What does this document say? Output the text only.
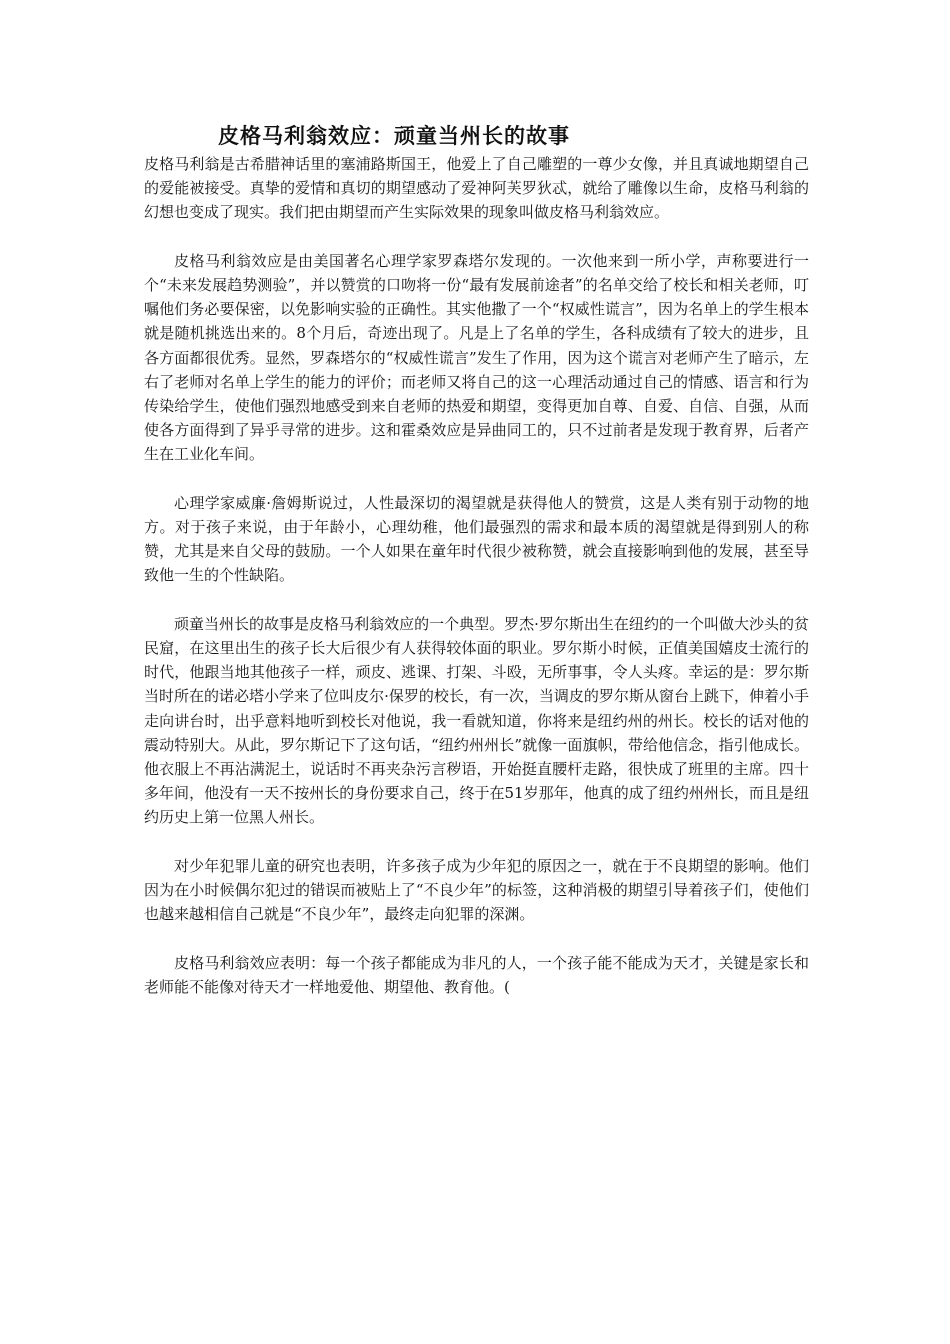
皮格马利翁效应：顽童当州长的故事

皮格马利翁是古希腊神话里的塞浦路斯国王，他爱上了自己雕塑的一尊少女像，并且真诚地期望自己的爱能被接受。真挚的爱情和真切的期望感动了爱神阿芙罗狄忒，就给了雕像以生命，皮格马利翁的幻想也变成了现实。我们把由期望而产生实际效果的现象叫做皮格马利翁效应。

皮格马利翁效应是由美国著名心理学家罗森塔尔发现的。一次他来到一所小学，声称要进行一个“未来发展趋势测验”，并以赞赏的口吻将一份“最有发展前途者”的名单交给了校长和相关老师，叮嘱他们务必要保密，以免影响实验的正确性。其实他撒了一个“权威性谎言”，因为名单上的学生根本就是随机挑选出来的。8个月后，奇迹出现了。凡是上了名单的学生，各科成绩有了较大的进步，且各方面都很优秀。显然，罗森塔尔的“权威性谎言”发生了作用，因为这个谎言对老师产生了暗示，左右了老师对名单上学生的能力的评价；而老师又将自己的这一心理活动通过自己的情感、语言和行为传染给学生，使他们强烈地感受到来自老师的热爱和期望，变得更加自尊、自爱、自信、自强，从而使各方面得到了异乎寻常的进步。这和霍桑效应是异曲同工的，只不过前者是发现于教育界，后者产生在工业化车间。

心理学家威廉·詹姆斯说过，人性最深切的渴望就是获得他人的赞赏，这是人类有别于动物的地方。对于孩子来说，由于年龄小，心理幼稚，他们最强烈的需求和最本质的渴望就是得到别人的称赞，尤其是来自父母的鼓励。一个人如果在童年时代很少被称赞，就会直接影响到他的发展，甚至导致他一生的个性缺陷。

顽童当州长的故事是皮格马利翁效应的一个典型。罗杰·罗尔斯出生在纽约的一个叫做大沙头的贫民窟，在这里出生的孩子长大后很少有人获得较体面的职业。罗尔斯小时候，正值美国嬉皮士流行的时代，他跟当地其他孩子一样，顽皮、逃课、打架、斗殴，无所事事，令人头疼。幸运的是：罗尔斯当时所在的诺必塔小学来了位叫皮尔·保罗的校长，有一次，当调皮的罗尔斯从窗台上跳下，伸着小手走向讲台时，出乎意料地听到校长对他说，我一看就知道，你将来是纽约州的州长。校长的话对他的震动特别大。从此，罗尔斯记下了这句话，“纽约州州长”就像一面旗帜，带给他信念，指引他成长。他衣服上不再沾满泥土，说话时不再夹杂污言秽语，开始挺直腰杆走路，很快成了班里的主席。四十多年间，他没有一天不按州长的身份要求自己，终于在51岁那年，他真的成了纽约州州长，而且是纽约历史上第一位黑人州长。

对少年犯罪儿童的研究也表明，许多孩子成为少年犯的原因之一，就在于不良期望的影响。他们因为在小时候偶尔犯过的错误而被贴上了“不良少年”的标签，这种消极的期望引导着孩子们，使他们也越来越相信自己就是“不良少年”，最终走向犯罪的深渊。

皮格马利翁效应表明：每一个孩子都能成为非凡的人，一个孩子能不能成为天才，关键是家长和老师能不能像对待天才一样地爱他、期望他、教育他。(
